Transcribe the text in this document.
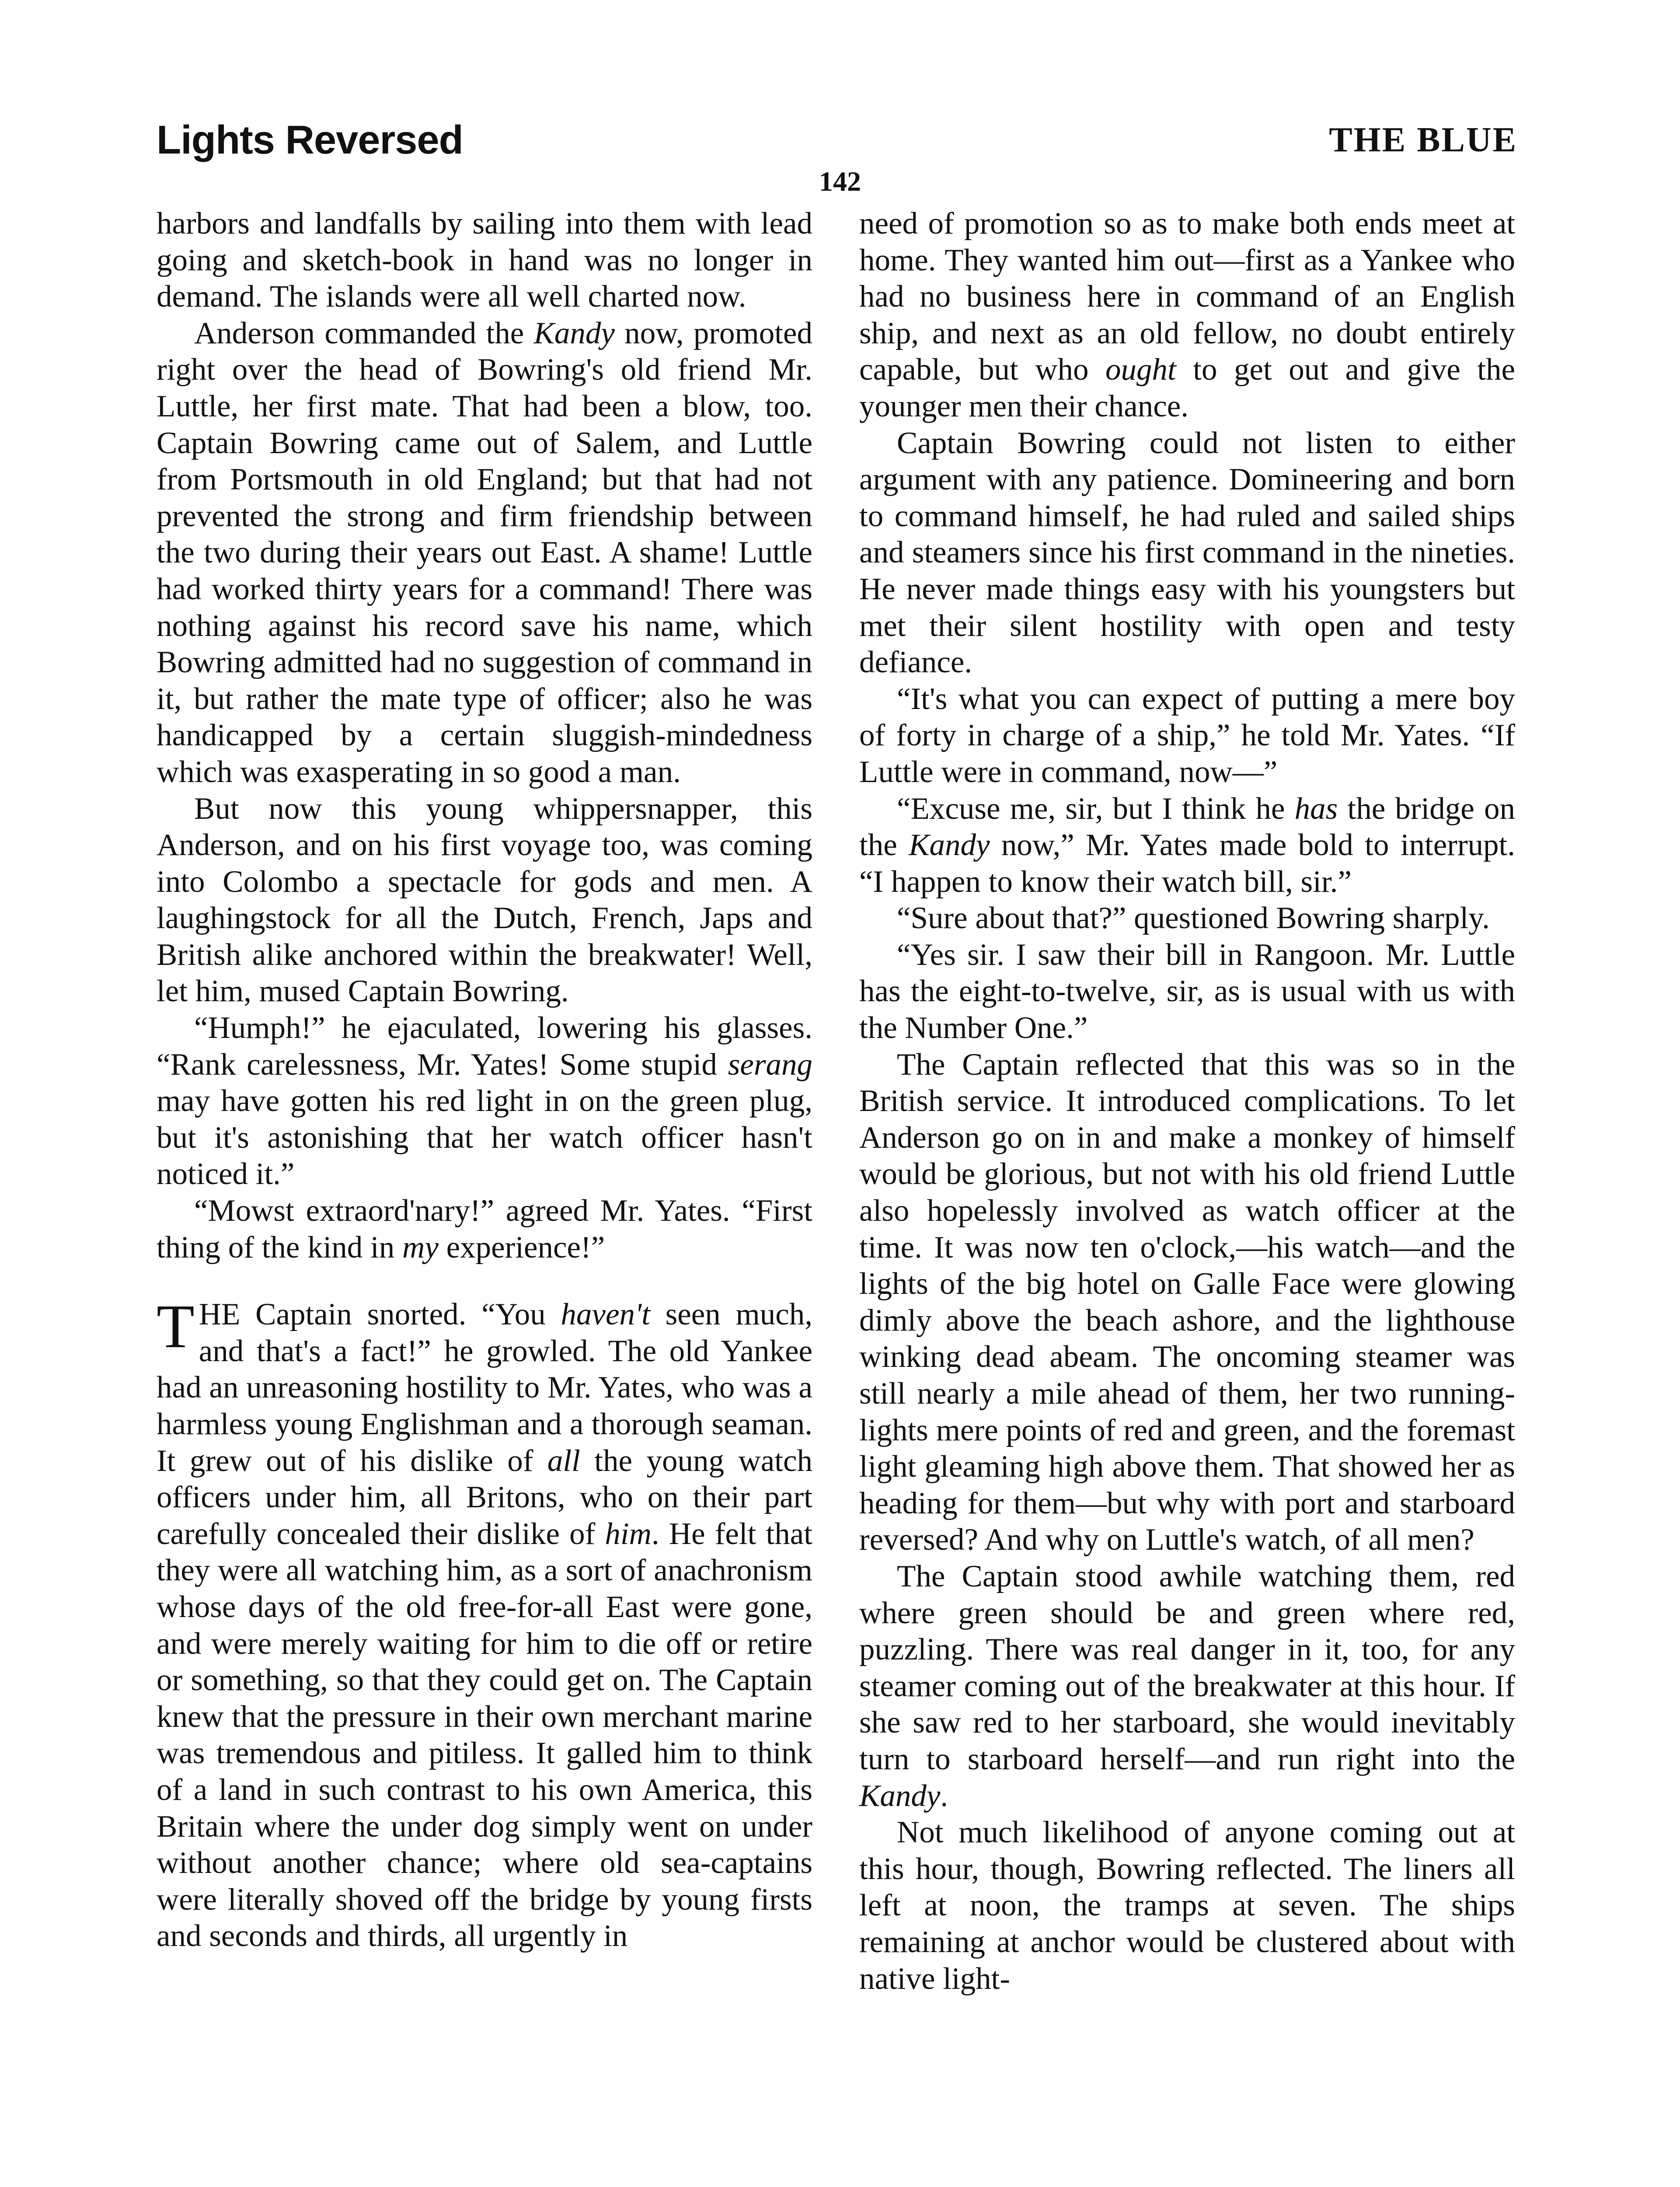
Lights Reversed	THE BLUE
142

harbors and landfalls by sailing into them with lead going and sketch-book in hand was no longer in demand. The islands were all well charted now.

Anderson commanded the Kandy now, promoted right over the head of Bowring's old friend Mr. Luttle, her first mate. That had been a blow, too. Captain Bowring came out of Salem, and Luttle from Portsmouth in old England; but that had not prevented the strong and firm friendship between the two during their years out East. A shame! Luttle had worked thirty years for a command! There was nothing against his record save his name, which Bowring admitted had no suggestion of command in it, but rather the mate type of officer; also he was handicapped by a certain sluggish-mindedness which was exasperating in so good a man.

But now this young whippersnapper, this Anderson, and on his first voyage too, was coming into Colombo a spectacle for gods and men. A laughingstock for all the Dutch, French, Japs and British alike anchored within the breakwater! Well, let him, mused Captain Bowring.

“Humph!” he ejaculated, lowering his glasses. “Rank carelessness, Mr. Yates! Some stupid serang may have gotten his red light in on the green plug, but it's astonishing that her watch officer hasn't noticed it.”

“Mowst extraord'nary!” agreed Mr. Yates. “First thing of the kind in my experience!”

THE Captain snorted. “You haven't seen much, and that's a fact!” he growled. The old Yankee had an unreasoning hostility to Mr. Yates, who was a harmless young Englishman and a thorough seaman. It grew out of his dislike of all the young watch officers under him, all Britons, who on their part carefully concealed their dislike of him. He felt that they were all watching him, as a sort of anachronism whose days of the old free-for-all East were gone, and were merely waiting for him to die off or retire or something, so that they could get on. The Captain knew that the pressure in their own merchant marine was tremendous and pitiless. It galled him to think of a land in such contrast to his own America, this Britain where the under dog simply went on under without another chance; where old sea-captains were literally shoved off the bridge by young firsts and seconds and thirds, all urgently in

need of promotion so as to make both ends meet at home. They wanted him out—first as a Yankee who had no business here in command of an English ship, and next as an old fellow, no doubt entirely capable, but who ought to get out and give the younger men their chance.

Captain Bowring could not listen to either argument with any patience. Domineering and born to command himself, he had ruled and sailed ships and steamers since his first command in the nineties. He never made things easy with his youngsters but met their silent hostility with open and testy defiance.

“It's what you can expect of putting a mere boy of forty in charge of a ship,” he told Mr. Yates. “If Luttle were in command, now—”

“Excuse me, sir, but I think he has the bridge on the Kandy now,” Mr. Yates made bold to interrupt. “I happen to know their watch bill, sir.”

“Sure about that?” questioned Bowring sharply.

“Yes sir. I saw their bill in Rangoon. Mr. Luttle has the eight-to-twelve, sir, as is usual with us with the Number One.”

The Captain reflected that this was so in the British service. It introduced complications. To let Anderson go on in and make a monkey of himself would be glorious, but not with his old friend Luttle also hopelessly involved as watch officer at the time. It was now ten o'clock,—his watch—and the lights of the big hotel on Galle Face were glowing dimly above the beach ashore, and the lighthouse winking dead abeam. The oncoming steamer was still nearly a mile ahead of them, her two running-lights mere points of red and green, and the foremast light gleaming high above them. That showed her as heading for them—but why with port and starboard reversed? And why on Luttle's watch, of all men?

The Captain stood awhile watching them, red where green should be and green where red, puzzling. There was real danger in it, too, for any steamer coming out of the breakwater at this hour. If she saw red to her starboard, she would inevitably turn to starboard herself—and run right into the Kandy.

Not much likelihood of anyone coming out at this hour, though, Bowring reflected. The liners all left at noon, the tramps at seven. The ships remaining at anchor would be clustered about with native light-
